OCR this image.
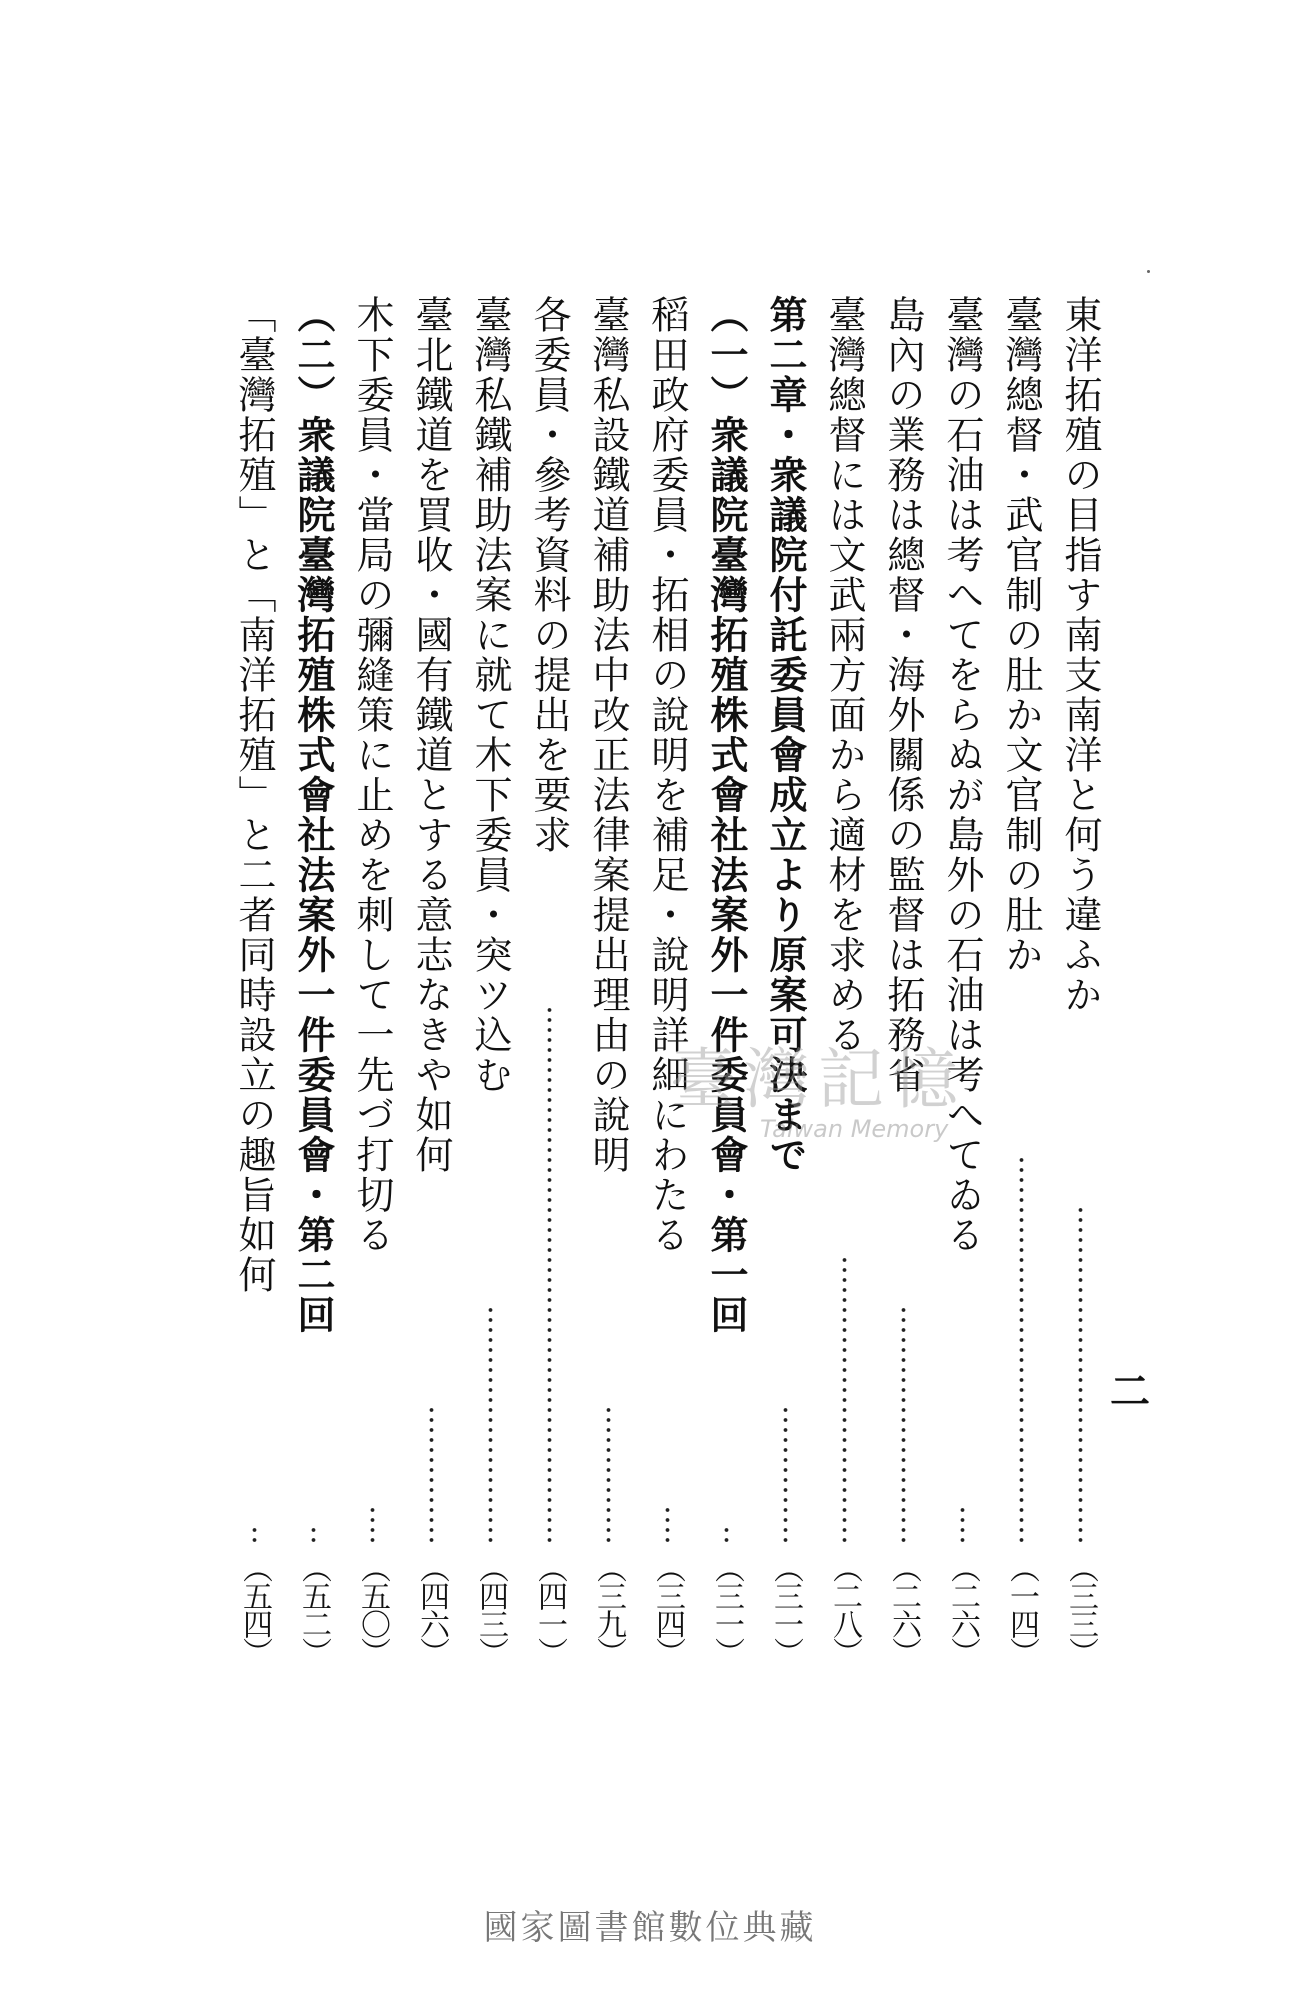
東洋拓殖の目指す南支南洋と何う違ふか
（三三）
臺灣總督・武官制の肚か文官制の肚か
（一四）
臺灣の石油は考へてをらぬが島外の石油は考へてゐる
（二六）
島內の業務は總督・海外關係の監督は拓務省
（二六）
臺灣總督には文武兩方面から適材を求める
（二八）
第二章・衆議院付託委員會成立より原案可決まで
（三一）
（一）衆議院臺灣拓殖株式會社法案外一件委員會・第一回
（三一）
稻田政府委員・拓相の說明を補足・說明詳細にわたる
（三四）
臺灣私設鐵道補助法中改正法律案提出理由の說明
（三九）
各委員・參考資料の提出を要求
（四一）
臺灣私鐵補助法案に就て木下委員・突ツ込む
（四三）
臺北鐵道を買收・國有鐵道とする意志なきや如何
（四六）
木下委員・當局の彌縫策に止めを刺して一先づ打切る
（五〇）
（二）衆議院臺灣拓殖株式會社法案外一件委員會・第二回
（五二）
「臺灣拓殖」と「南洋拓殖」と二者同時設立の趣旨如何
（五四）
二
臺灣記憶
Taiwan Memory
國家圖書館數位典藏
